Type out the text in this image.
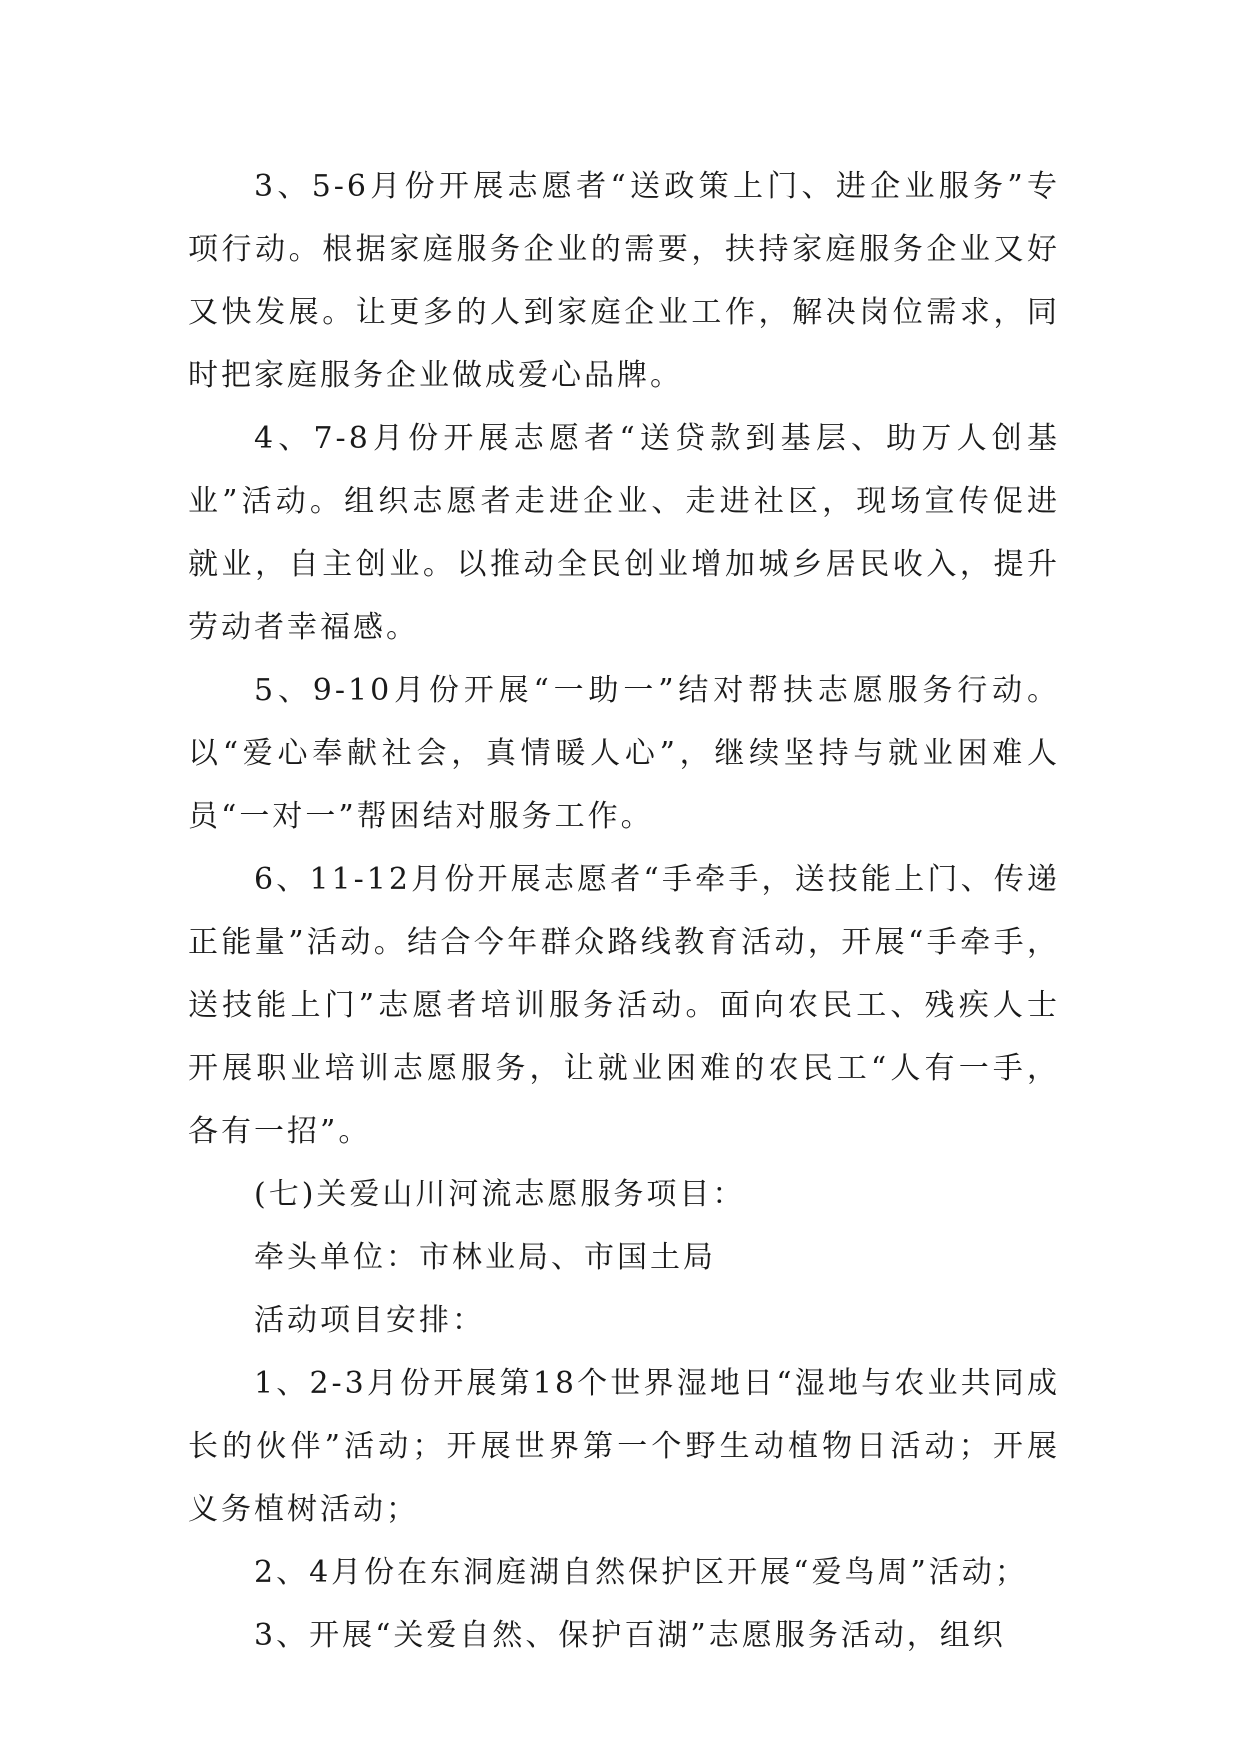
3、5-6月份开展志愿者“送政策上门、进企业服务”专项行动。根据家庭服务企业的需要，扶持家庭服务企业又好又快发展。让更多的人到家庭企业工作，解决岗位需求，同时把家庭服务企业做成爱心品牌。

4、7-8月份开展志愿者“送贷款到基层、助万人创基业”活动。组织志愿者走进企业、走进社区，现场宣传促进就业，自主创业。以推动全民创业增加城乡居民收入，提升劳动者幸福感。

5、9-10月份开展“一助一”结对帮扶志愿服务行动。以“爱心奉献社会，真情暖人心”，继续坚持与就业困难人员“一对一”帮困结对服务工作。

6、11-12月份开展志愿者“手牵手，送技能上门、传递正能量”活动。结合今年群众路线教育活动，开展“手牵手，送技能上门”志愿者培训服务活动。面向农民工、残疾人士开展职业培训志愿服务，让就业困难的农民工“人有一手，各有一招”。

(七)关爱山川河流志愿服务项目：

牵头单位：市林业局、市国土局

活动项目安排：

1、2-3月份开展第18个世界湿地日“湿地与农业共同成长的伙伴”活动；开展世界第一个野生动植物日活动；开展义务植树活动；

2、4月份在东洞庭湖自然保护区开展“爱鸟周”活动；

3、开展“关爱自然、保护百湖”志愿服务活动，组织
